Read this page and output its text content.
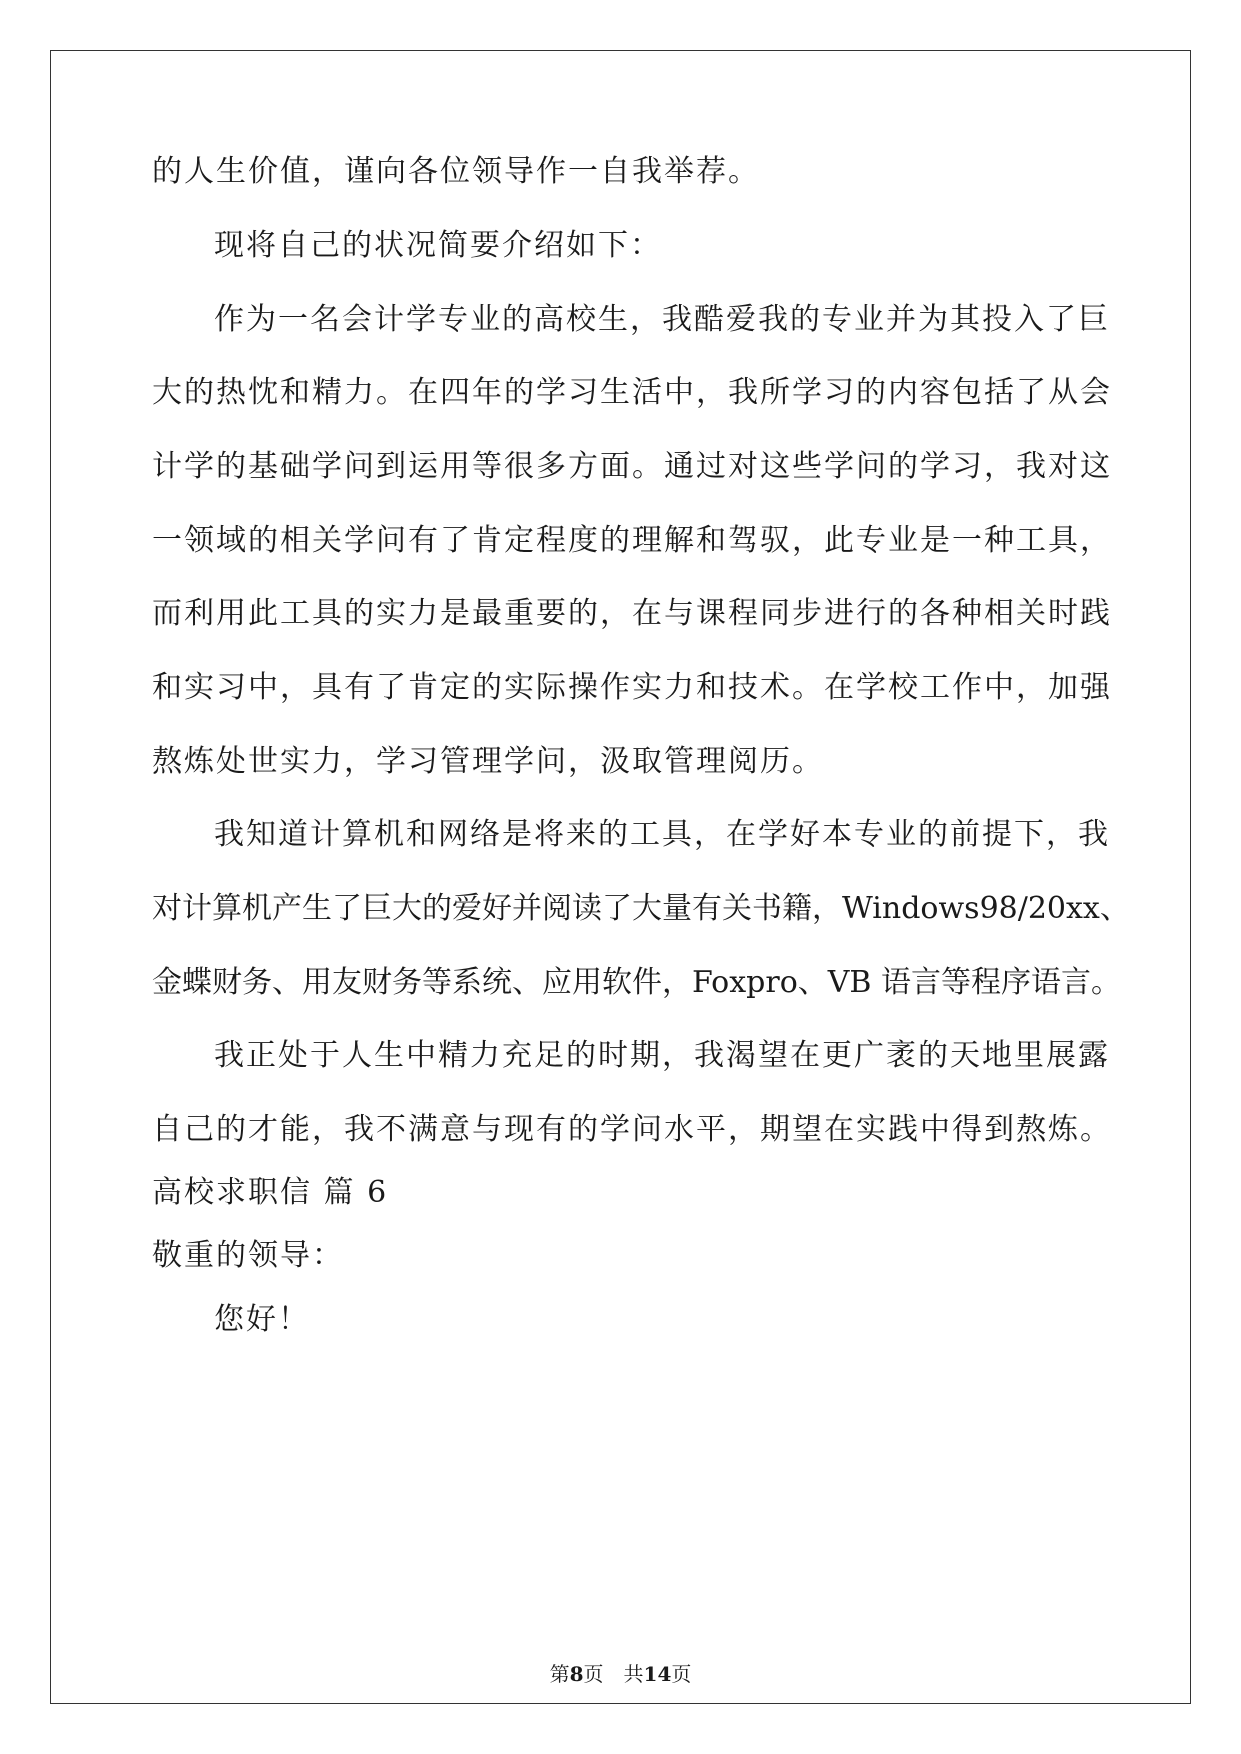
的人生价值，谨向各位领导作一自我举荐。
现将自己的状况简要介绍如下：
作为一名会计学专业的高校生，我酷爱我的专业并为其投入了巨
大的热忱和精力。在四年的学习生活中，我所学习的内容包括了从会
计学的基础学问到运用等很多方面。通过对这些学问的学习，我对这
一领域的相关学问有了肯定程度的理解和驾驭，此专业是一种工具，
而利用此工具的实力是最重要的，在与课程同步进行的各种相关时践
和实习中，具有了肯定的实际操作实力和技术。在学校工作中，加强
熬炼处世实力，学习管理学问，汲取管理阅历。
我知道计算机和网络是将来的工具，在学好本专业的前提下，我
对计算机产生了巨大的爱好并阅读了大量有关书籍，Windows98/20xx、
金蝶财务、用友财务等系统、应用软件，Foxpro、VB 语言等程序语言。
我正处于人生中精力充足的时期，我渴望在更广袤的天地里展露
自己的才能，我不满意与现有的学问水平，期望在实践中得到熬炼。
高校求职信 篇 6
敬重的领导：
您好！
第8页　共14页
